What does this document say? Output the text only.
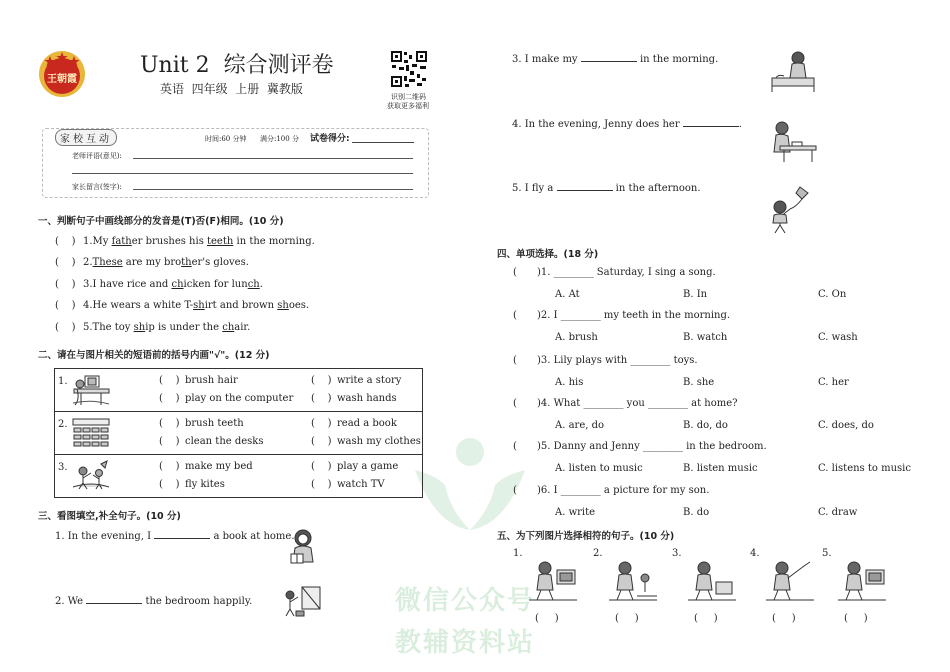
王朝霞
Unit 2  综合测评卷
英语  四年级  上册  冀教版
识别二维码
获取更多福利
家校互动	时间:60 分钟 满分:100 分 试卷得分:
老师评语(意见):
家长留言(签字):
微信公众号
教辅资料站
一、判断句子中画线部分的发音是(T)否(F)相同。(10 分)
(    ) 1.My father brushes his teeth in the morning.
(    ) 2.These are my brother's gloves.
(    ) 3.I have rice and chicken for lunch.
(    ) 4.He wears a white T-shirt and brown shoes.
(    ) 5.The toy ship is under the chair.
二、请在与图片相关的短语前的括号内画"√"。(12 分)
1.	(    ) brush hair	(    ) write a story
(    ) play on the computer (    ) wash hands
2.	(    ) brush teeth	(    ) read a book
(    ) clean the desks	(    ) wash my clothes
3.	(    ) make my bed	(    ) play a game
(    ) fly kites	(    ) watch TV
三、看图填空,补全句子。(10 分)
1. In the evening, I	a book at home.
2. We	the bedroom happily.
3. I make my	in the morning.
4. In the evening, Jenny does her	.
5. I fly a	in the afternoon.
四、单项选择。(18 分)
( )1. ________ Saturday, I sing a song.
A. At	B. In	C. On
( )2. I ________ my teeth in the morning.
A. brush	B. watch	C. wash
( )3. Lily plays with ________ toys.
A. his	B. she	C. her
( )4. What ________ you ________ at home?
A. are, do	B. do, do	C. does, do
( )5. Danny and Jenny ________ in the bedroom.
A. listen to music	B. listen music	C. listens to music
( )6. I ________ a picture for my son.
A. write	B. do	C. draw
五、为下列图片选择相符的句子。(10 分)
1.
(     )
2.
(     )
3.
(     )
4.
(     )
5.
(     )
